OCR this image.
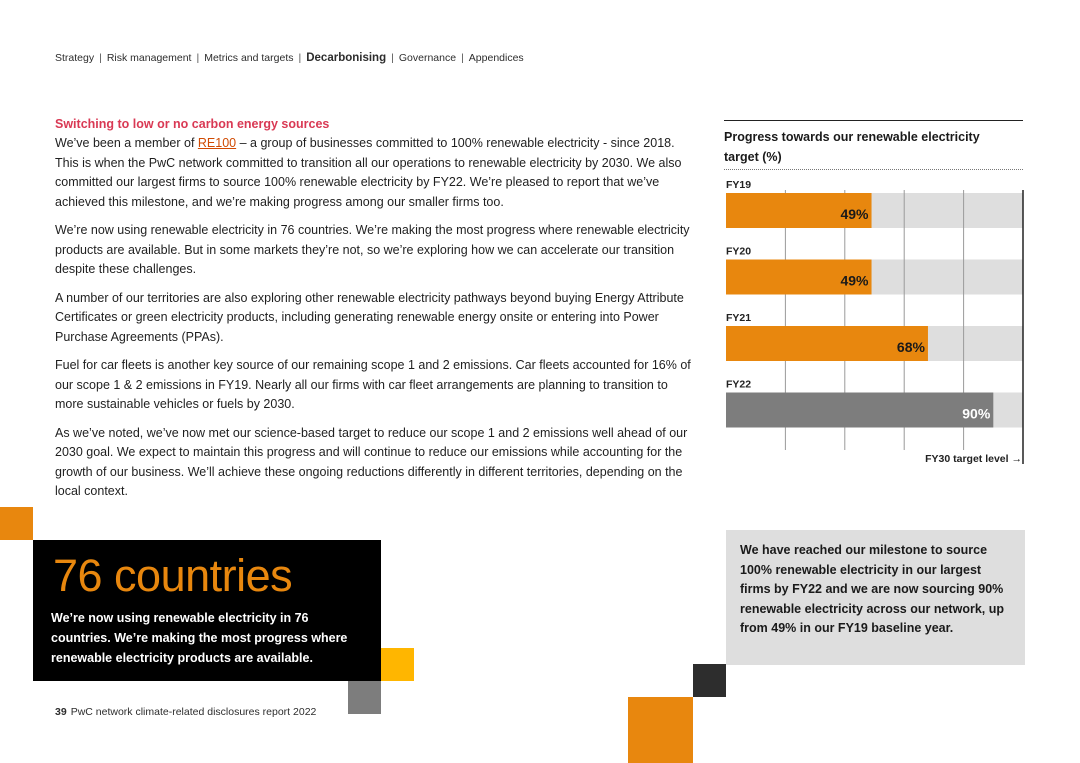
Strategy | Risk management | Metrics and targets | Decarbonising | Governance | Appendices
Switching to low or no carbon energy sources

We’ve been a member of RE100 – a group of businesses committed to 100% renewable electricity - since 2018. This is when the PwC network committed to transition all our operations to renewable electricity by 2030. We also committed our largest firms to source 100% renewable electricity by FY22. We’re pleased to report that we’ve achieved this milestone, and we’re making progress among our smaller firms too.

We’re now using renewable electricity in 76 countries. We’re making the most progress where renewable electricity products are available. But in some markets they’re not, so we’re exploring how we can accelerate our transition despite these challenges.

A number of our territories are also exploring other renewable electricity pathways beyond buying Energy Attribute Certificates or green electricity products, including generating renewable energy onsite or entering into Power Purchase Agreements (PPAs).

Fuel for car fleets is another key source of our remaining scope 1 and 2 emissions. Car fleets accounted for 16% of our scope 1 & 2 emissions in FY19. Nearly all our firms with car fleet arrangements are planning to transition to more sustainable vehicles or fuels by 2030.

As we’ve noted, we’ve now met our science-based target to reduce our scope 1 and 2 emissions well ahead of our 2030 goal. We expect to maintain this progress and will continue to reduce our emissions while accounting for the growth of our business. We’ll achieve these ongoing reductions differently in different territories, depending on the local context.

Progress towards our renewable electricity target (%)
FY19
49%
FY20
49%
FY21
68%
FY22
90%
FY30 target level →
76 countries
We’re now using renewable electricity in 76 countries. We’re making the most progress where renewable electricity products are available.
We have reached our milestone to source 100% renewable electricity in our largest firms by FY22 and we are now sourcing 90% renewable electricity across our network, up from 49% in our FY19 baseline year.
39 PwC network climate-related disclosures report 2022
